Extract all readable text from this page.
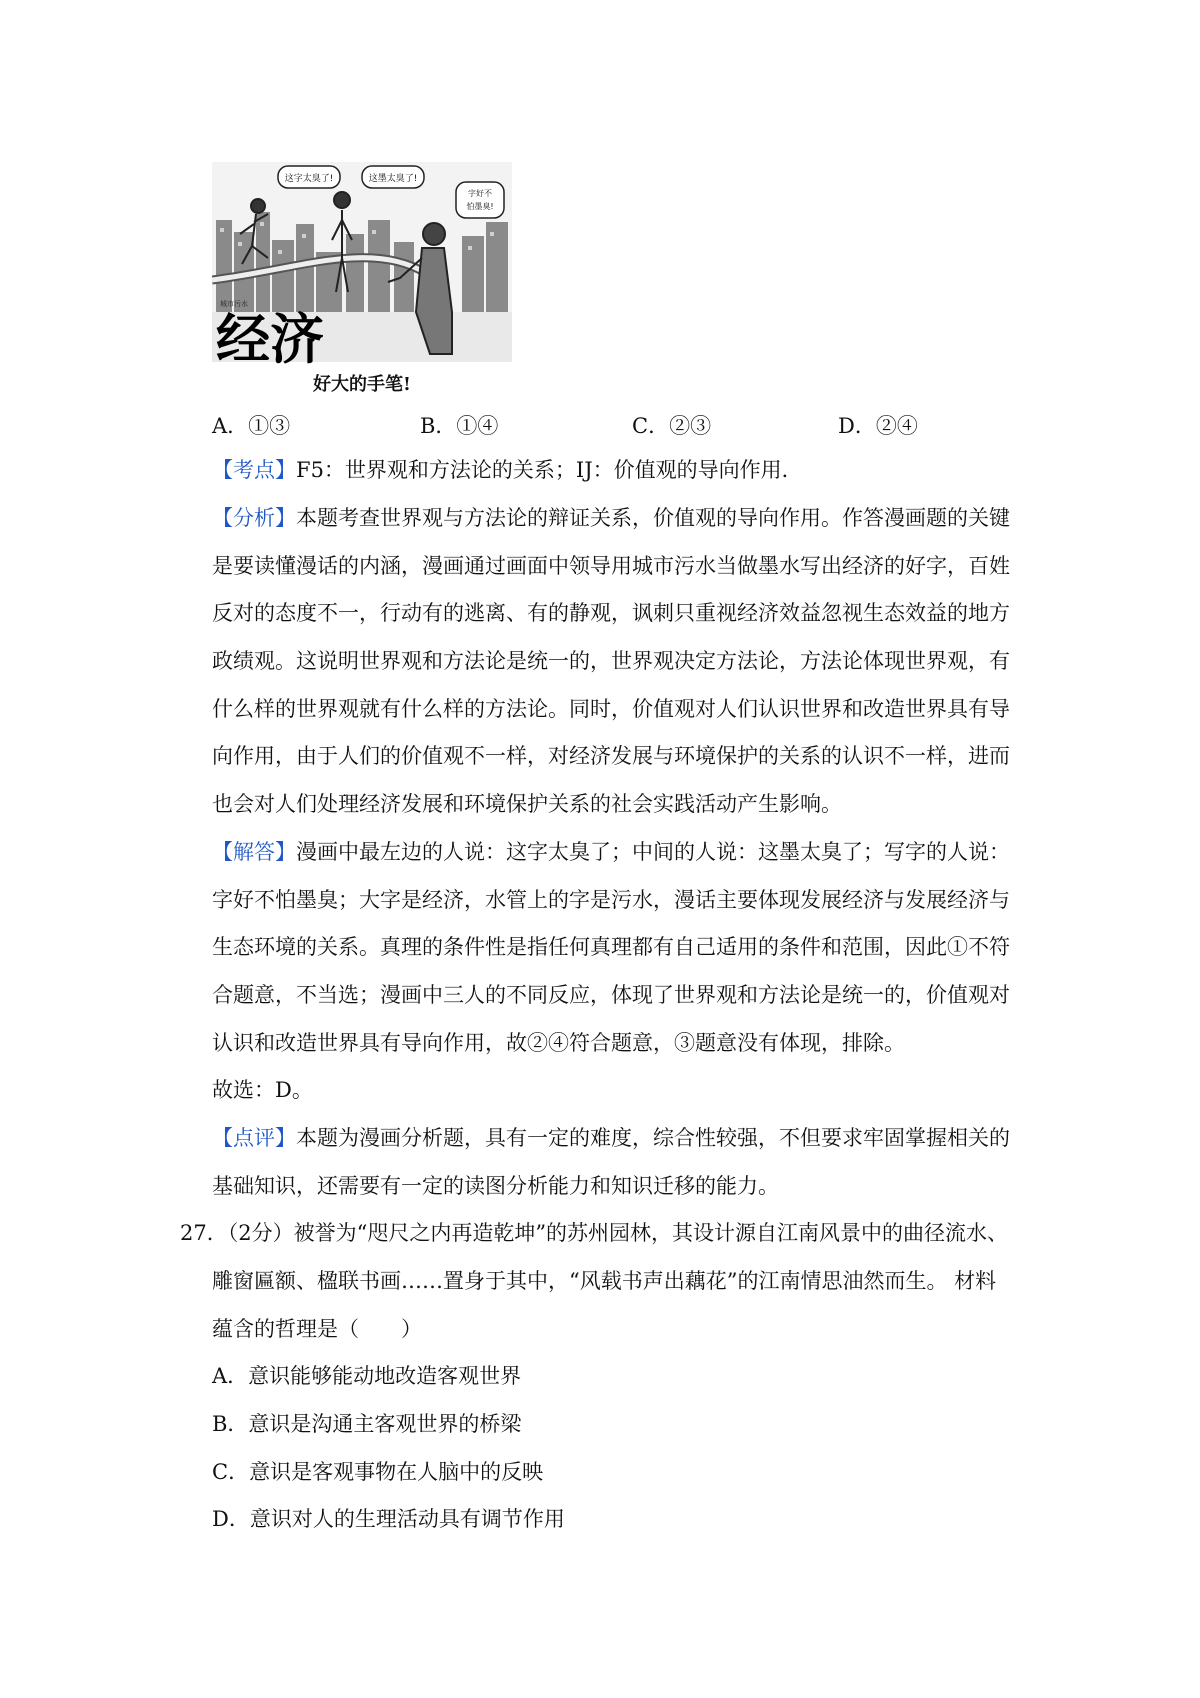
这字太臭了!	这墨太臭了!
字好不
怕墨臭!
城市污水
经济
好大的手笔!
A．①③	B．①④	C．②③	D．②④
【考点】F5：世界观和方法论的关系；IJ：价值观的导向作用．
【分析】本题考查世界观与方法论的辩证关系，价值观的导向作用。作答漫画题的关键
是要读懂漫话的内涵，漫画通过画面中领导用城市污水当做墨水写出经济的好字，百姓
反对的态度不一，行动有的逃离、有的静观，讽刺只重视经济效益忽视生态效益的地方
政绩观。这说明世界观和方法论是统一的，世界观决定方法论，方法论体现世界观，有
什么样的世界观就有什么样的方法论。同时，价值观对人们认识世界和改造世界具有导
向作用，由于人们的价值观不一样，对经济发展与环境保护的关系的认识不一样，进而
也会对人们处理经济发展和环境保护关系的社会实践活动产生影响。
【解答】漫画中最左边的人说：这字太臭了；中间的人说：这墨太臭了；写字的人说：
字好不怕墨臭；大字是经济，水管上的字是污水，漫话主要体现发展经济与发展经济与
生态环境的关系。真理的条件性是指任何真理都有自己适用的条件和范围，因此①不符
合题意，不当选；漫画中三人的不同反应，体现了世界观和方法论是统一的，价值观对
认识和改造世界具有导向作用，故②④符合题意，③题意没有体现，排除。
故选：D。
【点评】本题为漫画分析题，具有一定的难度，综合性较强，不但要求牢固掌握相关的
基础知识，还需要有一定的读图分析能力和知识迁移的能力。
27．（2分）被誉为“咫尺之内再造乾坤”的苏州园林，其设计源自江南风景中的曲径流水、
雕窗匾额、楹联书画……置身于其中，“风载书声出藕花”的江南情思油然而生。 材料
蕴含的哲理是（　　）
A．意识能够能动地改造客观世界
B．意识是沟通主客观世界的桥梁
C．意识是客观事物在人脑中的反映
D．意识对人的生理活动具有调节作用
